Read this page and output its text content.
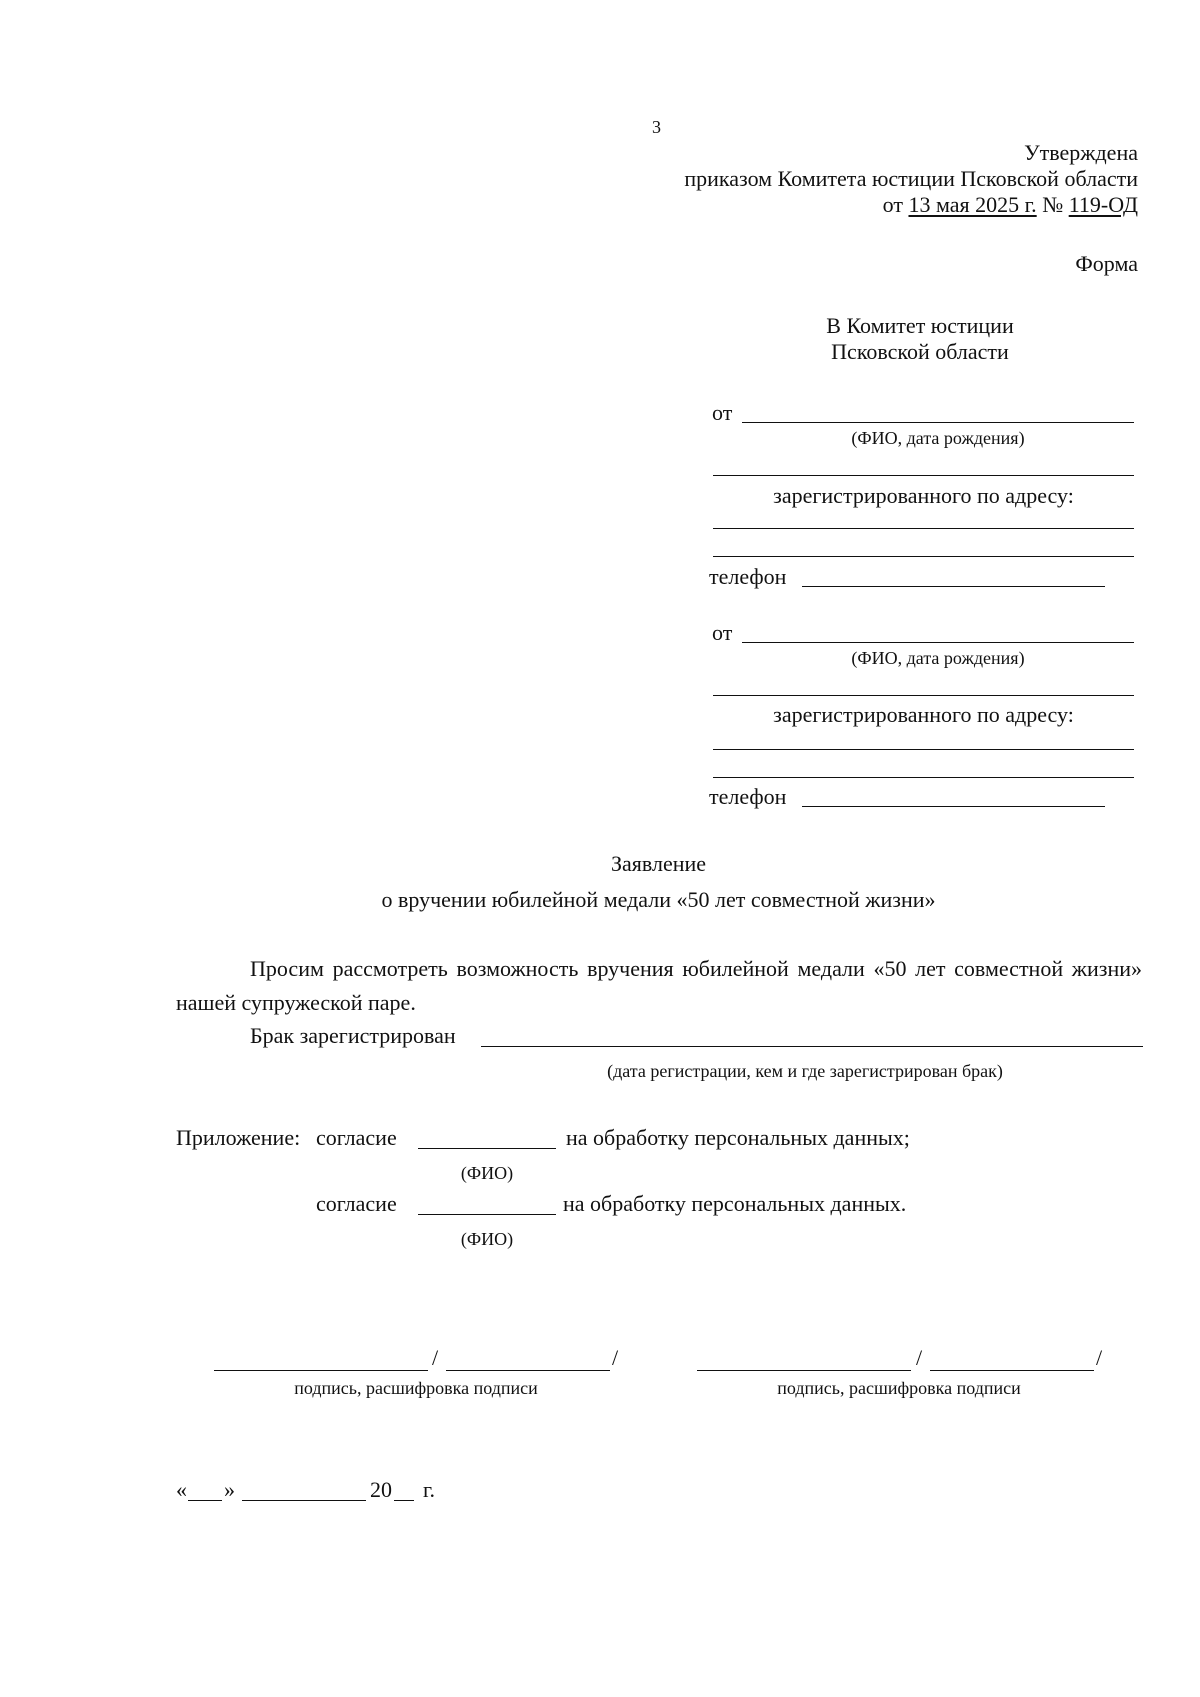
3
Утверждена
приказом Комитета юстиции Псковской области
от 13 мая 2025 г. № 119-ОД
Форма
В Комитет юстиции
Псковской области
от
(ФИО, дата рождения)
зарегистрированного по адресу:
телефон
от
(ФИО, дата рождения)
зарегистрированного по адресу:
телефон
Заявление
о вручении юбилейной медали «50 лет совместной жизни»

Просим рассмотреть возможность вручения юбилейной медали «50 лет совместной жизни» нашей супружеской паре.

Брак зарегистрирован
(дата регистрации, кем и где зарегистрирован брак)
Приложение: согласие	на обработку персональных данных;
(ФИО)
согласие	на обработку персональных данных.
(ФИО)
/	/
подпись, расшифровка подписи
/	/
подпись, расшифровка подписи
« »	20 г.
